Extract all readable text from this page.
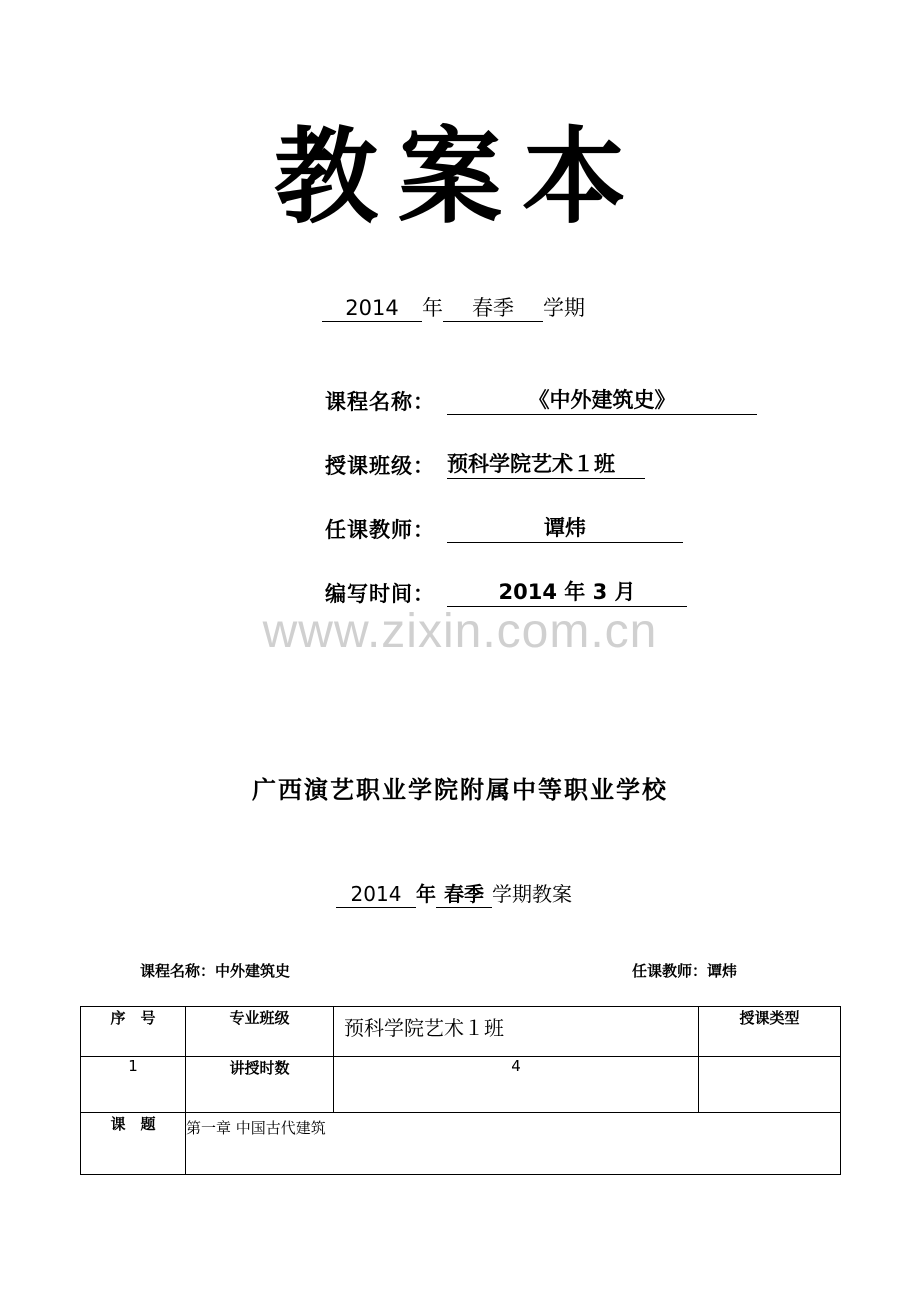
教案本
2014 年 春季 学期
课程名称：	《中外建筑史》
授课班级： 预科学院艺术１班
任课教师：	谭炜
编写时间：	2014 年 3 月
www.zixin.com.cn
广西演艺职业学院附属中等职业学校
2014 年 春季 学期教案
课程名称：中外建筑史	任课教师：谭炜
序　号	专业班级	预科学院艺术１班	授课类型
1	讲授时数	4	
课　题	第一章 中国古代建筑		
